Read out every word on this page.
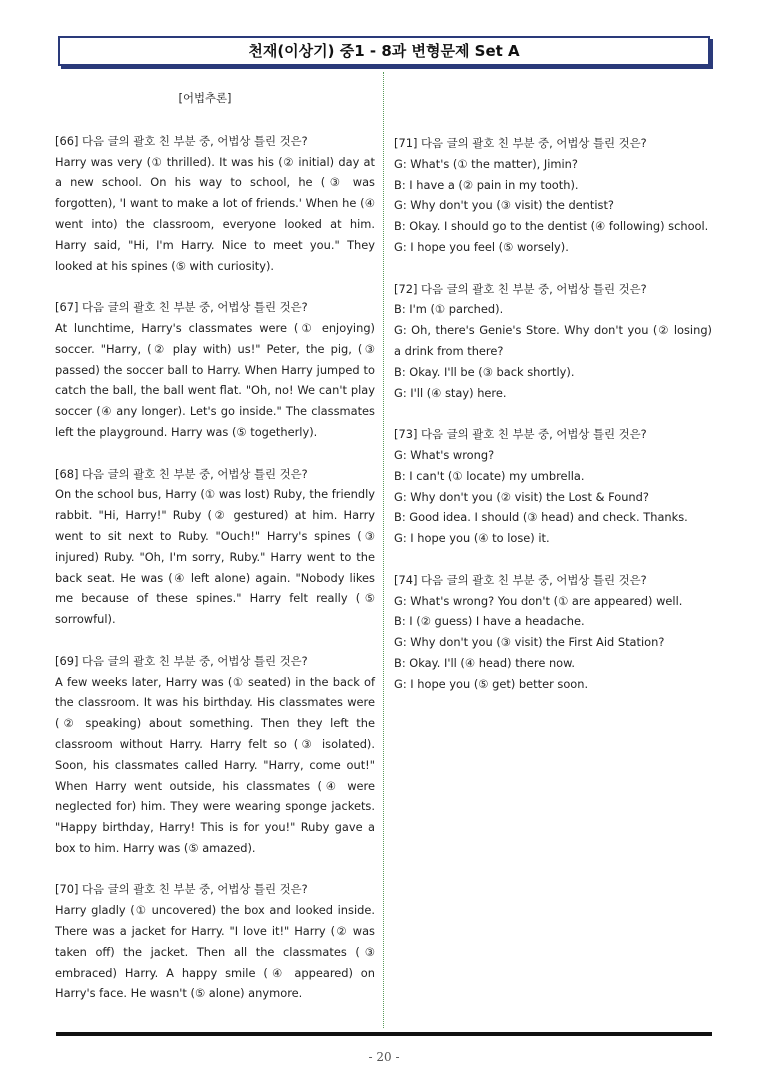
천재(이상기) 중1 - 8과 변형문제 Set A
[어법추론]

[66] 다음 글의 괄호 친 부분 중, 어법상 틀린 것은?

Harry was very (① thrilled). It was his (② initial) day at a new school. On his way to school, he (③ was forgotten), 'I want to make a lot of friends.' When he (④ went into) the classroom, everyone looked at him. Harry said, "Hi, I'm Harry. Nice to meet you." They looked at his spines (⑤ with curiosity).

[67] 다음 글의 괄호 친 부분 중, 어법상 틀린 것은?

At lunchtime, Harry's classmates were (① enjoying) soccer. "Harry, (② play with) us!" Peter, the pig, (③ passed) the soccer ball to Harry. When Harry jumped to catch the ball, the ball went flat. "Oh, no! We can't play soccer (④ any longer). Let's go inside." The classmates left the playground. Harry was (⑤ togetherly).

[68] 다음 글의 괄호 친 부분 중, 어법상 틀린 것은?

On the school bus, Harry (① was lost) Ruby, the friendly rabbit. "Hi, Harry!" Ruby (② gestured) at him. Harry went to sit next to Ruby. "Ouch!" Harry's spines (③ injured) Ruby. "Oh, I'm sorry, Ruby." Harry went to the back seat. He was (④ left alone) again. "Nobody likes me because of these spines." Harry felt really (⑤ sorrowful).

[69] 다음 글의 괄호 친 부분 중, 어법상 틀린 것은?

A few weeks later, Harry was (① seated) in the back of the classroom. It was his birthday. His classmates were (② speaking) about something. Then they left the classroom without Harry. Harry felt so (③ isolated). Soon, his classmates called Harry. "Harry, come out!" When Harry went outside, his classmates (④ were neglected for) him. They were wearing sponge jackets. "Happy birthday, Harry! This is for you!" Ruby gave a box to him. Harry was (⑤ amazed).

[70] 다음 글의 괄호 친 부분 중, 어법상 틀린 것은?

Harry gladly (① uncovered) the box and looked inside. There was a jacket for Harry. "I love it!" Harry (② was taken off) the jacket. Then all the classmates (③ embraced) Harry. A happy smile (④ appeared) on Harry's face. He wasn't (⑤ alone) anymore.

[71] 다음 글의 괄호 친 부분 중, 어법상 틀린 것은?

G: What's (① the matter), Jimin?
B: I have a (② pain in my tooth).
G: Why don't you (③ visit) the dentist?
B: Okay. I should go to the dentist (④ following) school.
G: I hope you feel (⑤ worsely).

[72] 다음 글의 괄호 친 부분 중, 어법상 틀린 것은?

B: I'm (① parched).
G: Oh, there's Genie's Store. Why don't you (② losing) a drink from there?
B: Okay. I'll be (③ back shortly).
G: I'll (④ stay) here.

[73] 다음 글의 괄호 친 부분 중, 어법상 틀린 것은?

G: What's wrong?
B: I can't (① locate) my umbrella.
G: Why don't you (② visit) the Lost & Found?
B: Good idea. I should (③ head) and check. Thanks.
G: I hope you (④ to lose) it.

[74] 다음 글의 괄호 친 부분 중, 어법상 틀린 것은?

G: What's wrong? You don't (① are appeared) well.
B: I (② guess) I have a headache.
G: Why don't you (③ visit) the First Aid Station?
B: Okay. I'll (④ head) there now.
G: I hope you (⑤ get) better soon.
- 20 -
